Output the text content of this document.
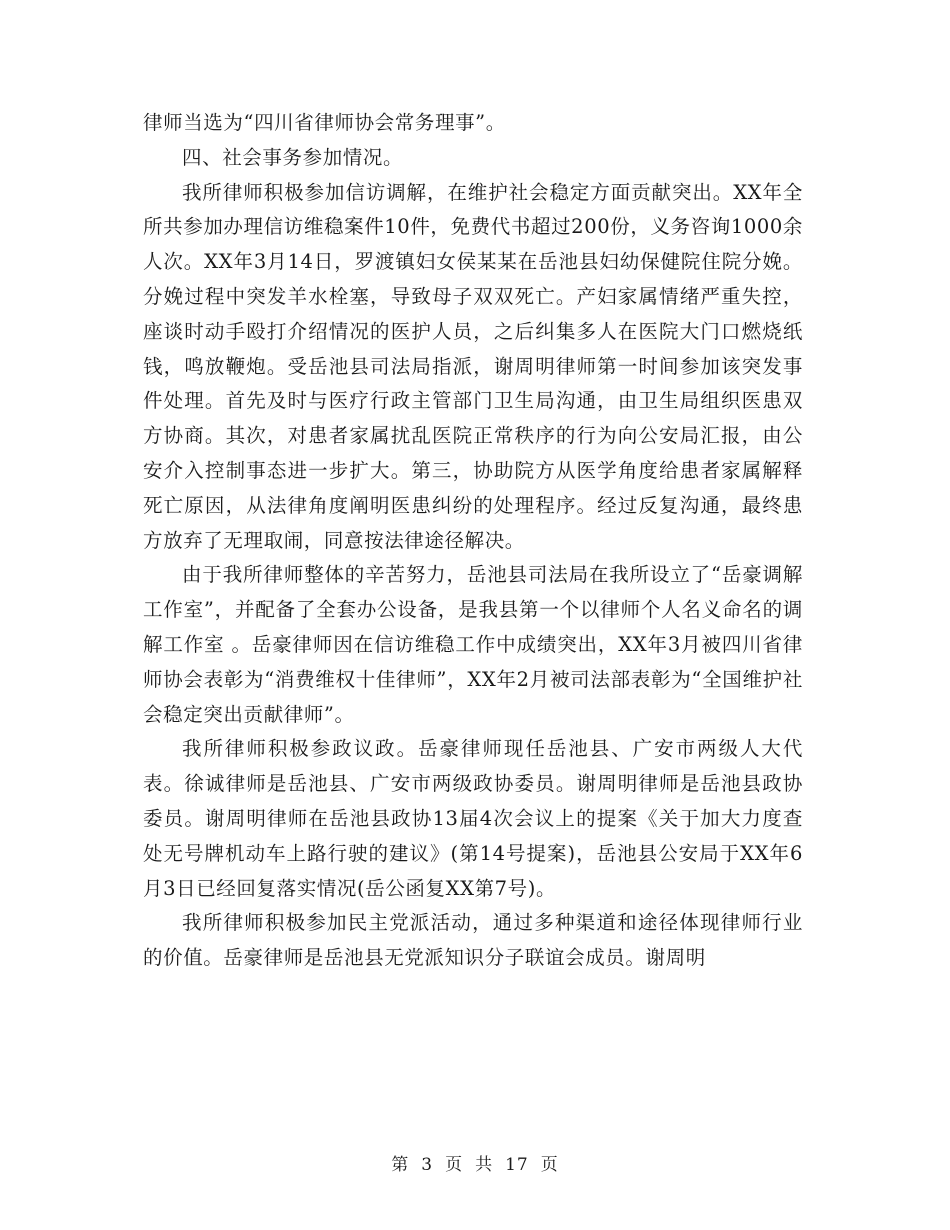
律师当选为“四川省律师协会常务理事”。

四、社会事务参加情况。

我所律师积极参加信访调解，在维护社会稳定方面贡献突出。XX年全所共参加办理信访维稳案件10件，免费代书超过200份，义务咨询1000余人次。XX年3月14日，罗渡镇妇女侯某某在岳池县妇幼保健院住院分娩。分娩过程中突发羊水栓塞，导致母子双双死亡。产妇家属情绪严重失控，座谈时动手殴打介绍情况的医护人员，之后纠集多人在医院大门口燃烧纸钱，鸣放鞭炮。受岳池县司法局指派，谢周明律师第一时间参加该突发事件处理。首先及时与医疗行政主管部门卫生局沟通，由卫生局组织医患双方协商。其次，对患者家属扰乱医院正常秩序的行为向公安局汇报，由公安介入控制事态进一步扩大。第三，协助院方从医学角度给患者家属解释死亡原因，从法律角度阐明医患纠纷的处理程序。经过反复沟通，最终患方放弃了无理取闹，同意按法律途径解决。

由于我所律师整体的辛苦努力，岳池县司法局在我所设立了“岳豪调解工作室”，并配备了全套办公设备，是我县第一个以律师个人名义命名的调解工作室 。岳豪律师因在信访维稳工作中成绩突出，XX年3月被四川省律师协会表彰为“消费维权十佳律师”，XX年2月被司法部表彰为“全国维护社会稳定突出贡献律师”。

我所律师积极参政议政。岳豪律师现任岳池县、广安市两级人大代表。徐诚律师是岳池县、广安市两级政协委员。谢周明律师是岳池县政协委员。谢周明律师在岳池县政协13届4次会议上的提案《关于加大力度查处无号牌机动车上路行驶的建议》(第14号提案)，岳池县公安局于XX年6月3日已经回复落实情况(岳公函复XX第7号)。

我所律师积极参加民主党派活动，通过多种渠道和途径体现律师行业的价值。岳豪律师是岳池县无党派知识分子联谊会成员。谢周明

第 3 页 共 17 页
